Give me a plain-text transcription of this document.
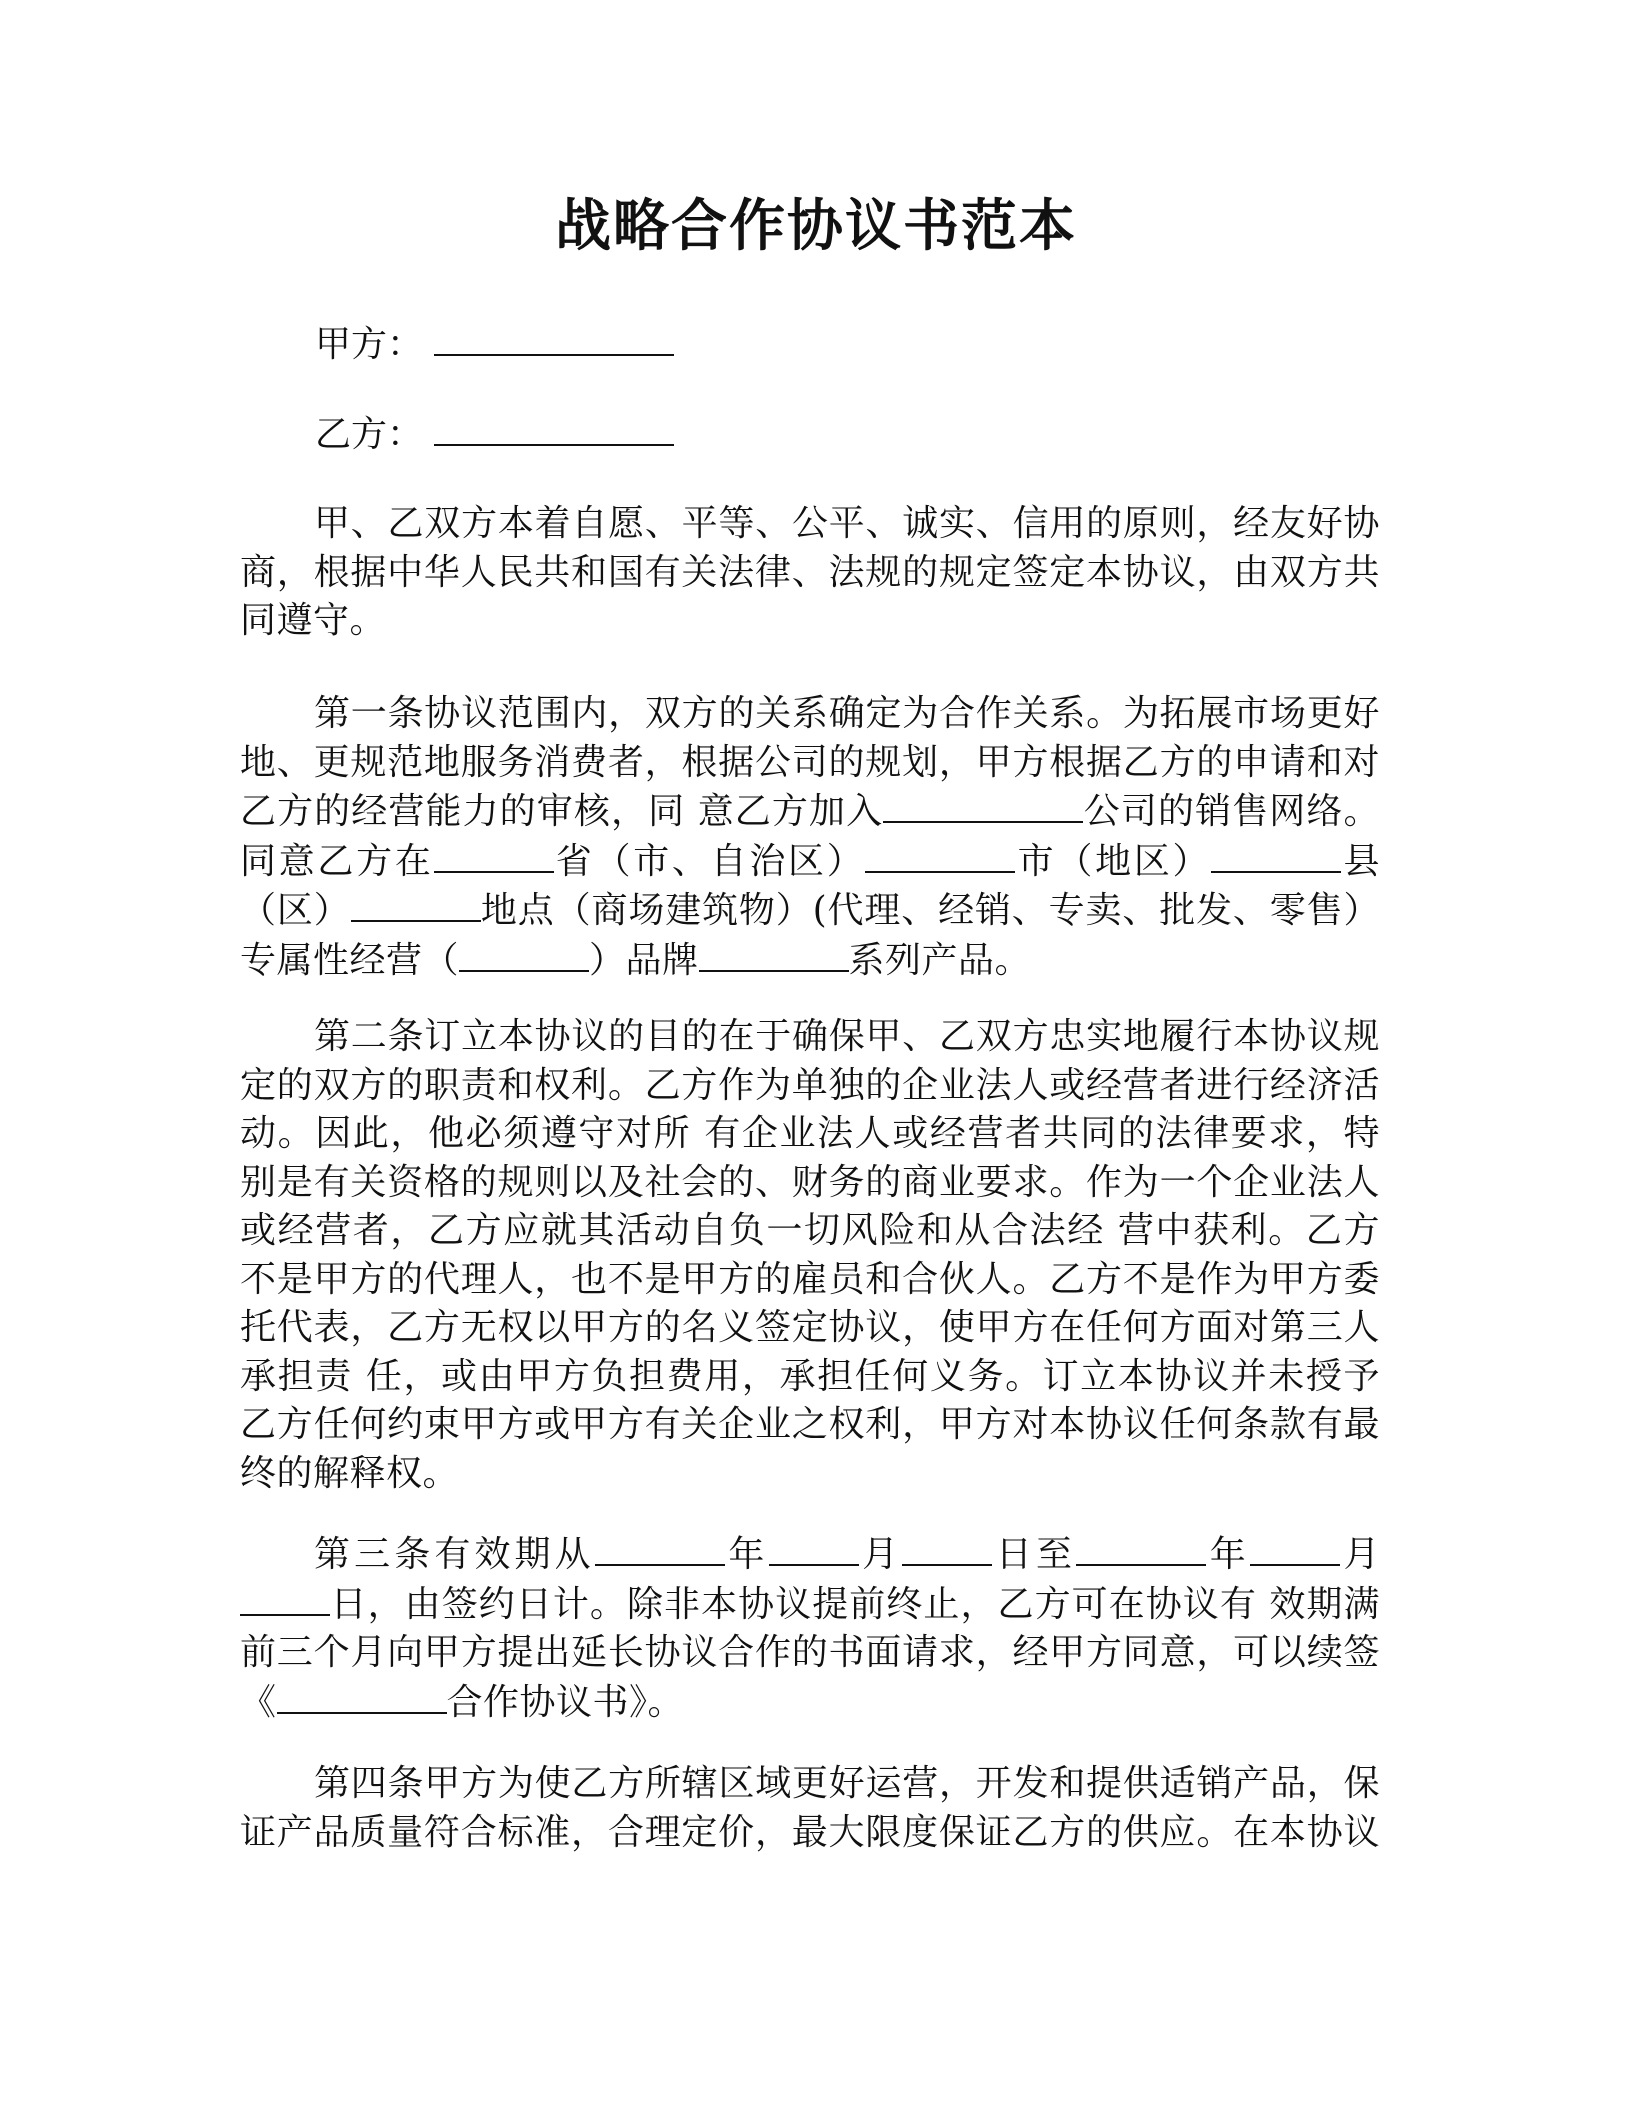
战略合作协议书范本
甲方：
乙方：
甲、乙双方本着自愿、平等、公平、诚实、信用的原则，经友好协
商，根据中华人民共和国有关法律、法规的规定签定本协议，由双方共
同遵守。
第一条协议范围内，双方的关系确定为合作关系。为拓展市场更好
地、更规范地服务消费者，根据公司的规划，甲方根据乙方的申请和对
乙方的经营能力的审核，同 意乙方加入	公司的销售网络。
同意乙方在	省（市、自治区）	市（地区）	县
（区）	地点（商场建筑物）(代理、经销、专卖、批发、零售）
专属性经营（	）品牌	系列产品。
第二条订立本协议的目的在于确保甲、乙双方忠实地履行本协议规
定的双方的职责和权利。乙方作为单独的企业法人或经营者进行经济活
动。因此，他必须遵守对所 有企业法人或经营者共同的法律要求，特
别是有关资格的规则以及社会的、财务的商业要求。作为一个企业法人
或经营者，乙方应就其活动自负一切风险和从合法经 营中获利。乙方
不是甲方的代理人，也不是甲方的雇员和合伙人。乙方不是作为甲方委
托代表，乙方无权以甲方的名义签定协议，使甲方在任何方面对第三人
承担责 任，或由甲方负担费用，承担任何义务。订立本协议并未授予
乙方任何约束甲方或甲方有关企业之权利，甲方对本协议任何条款有最
终的解释权。
第三条有效期从	年	月	日至	年	月
日，由签约日计。除非本协议提前终止，乙方可在协议有 效期满
前三个月向甲方提出延长协议合作的书面请求，经甲方同意，可以续签
《	合作协议书》。
第四条甲方为使乙方所辖区域更好运营，开发和提供适销产品，保
证产品质量符合标准，合理定价，最大限度保证乙方的供应。在本协议
